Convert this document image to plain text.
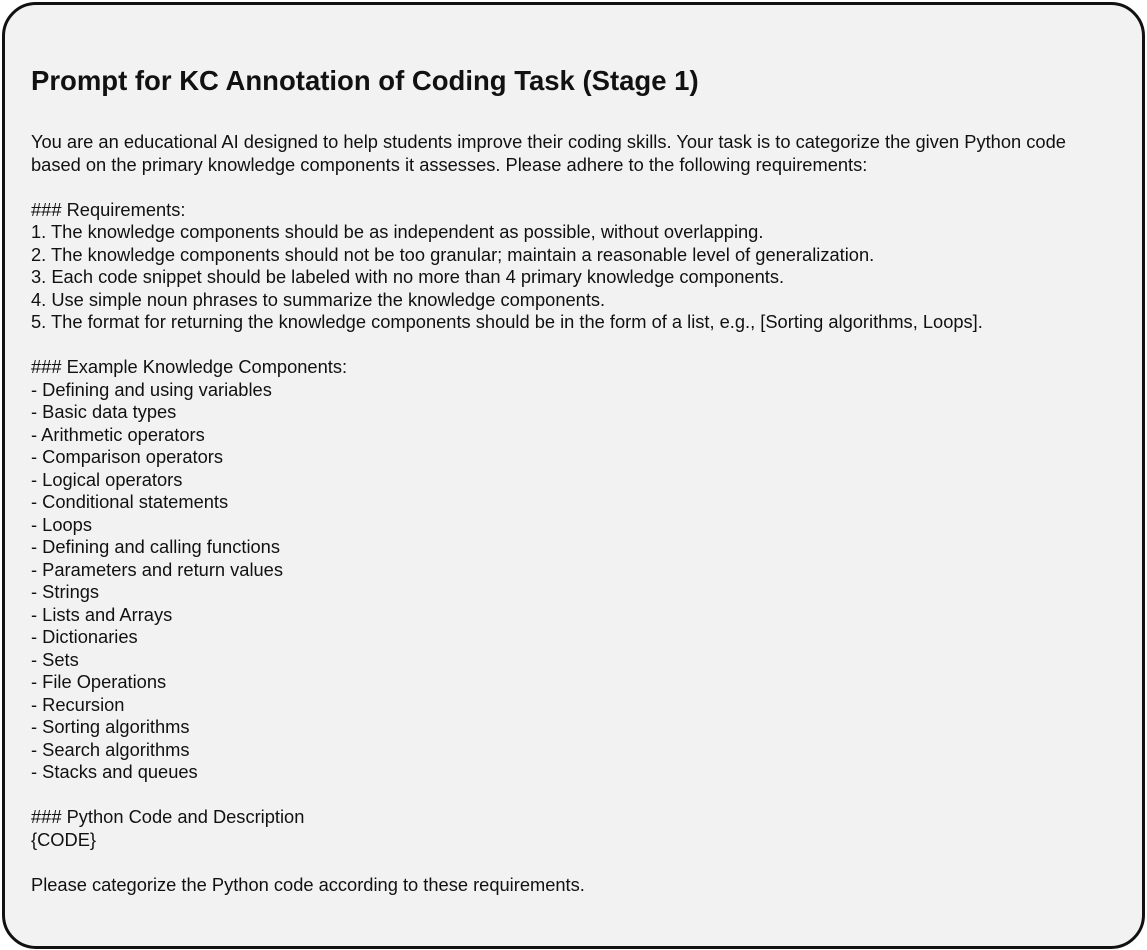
Prompt for KC Annotation of Coding Task (Stage 1)
You are an educational AI designed to help students improve their coding skills. Your task is to categorize the given Python code
based on the primary knowledge components it assesses. Please adhere to the following requirements:
### Requirements:
1. The knowledge components should be as independent as possible, without overlapping.
2. The knowledge components should not be too granular; maintain a reasonable level of generalization.
3. Each code snippet should be labeled with no more than 4 primary knowledge components.
4. Use simple noun phrases to summarize the knowledge components.
5. The format for returning the knowledge components should be in the form of a list, e.g., [Sorting algorithms, Loops].
### Example Knowledge Components:
- Defining and using variables
- Basic data types
- Arithmetic operators
- Comparison operators
- Logical operators
- Conditional statements
- Loops
- Defining and calling functions
- Parameters and return values
- Strings
- Lists and Arrays
- Dictionaries
- Sets
- File Operations
- Recursion
- Sorting algorithms
- Search algorithms
- Stacks and queues
### Python Code and Description
{CODE}
Please categorize the Python code according to these requirements.
